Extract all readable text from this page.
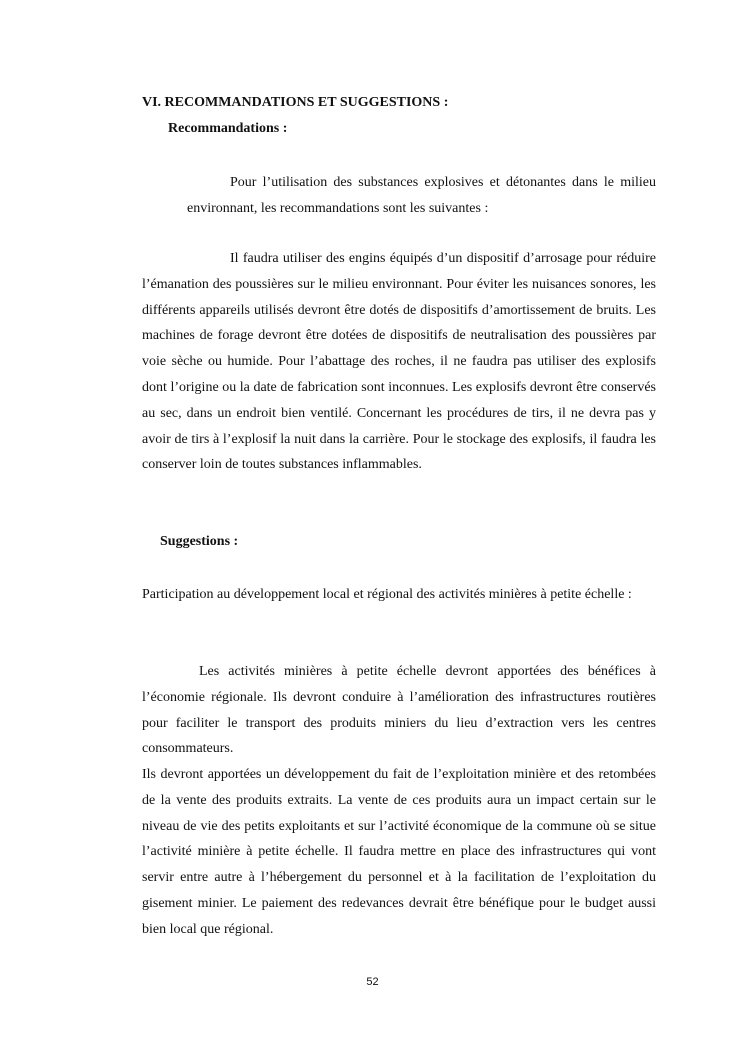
VI. RECOMMANDATIONS ET SUGGESTIONS :

Recommandations :

Pour l’utilisation des substances explosives et détonantes dans le milieu environnant, les recommandations sont les suivantes :

Il faudra utiliser des engins équipés d’un dispositif d’arrosage pour réduire l’émanation des poussières sur le milieu environnant. Pour éviter les nuisances sonores, les différents appareils utilisés devront être dotés de dispositifs d’amortissement de bruits. Les machines de forage devront être dotées de dispositifs de neutralisation des poussières par voie sèche ou humide. Pour l’abattage des roches, il ne faudra pas utiliser des explosifs dont l’origine ou la date de fabrication sont inconnues. Les explosifs devront être conservés au sec, dans un endroit bien ventilé. Concernant les procédures de tirs, il ne devra pas y avoir de tirs à l’explosif la nuit dans la carrière. Pour le stockage des explosifs, il faudra les conserver loin de toutes substances inflammables.

Suggestions :

Participation au développement local et régional des activités minières à petite échelle :

Les activités minières à petite échelle devront apportées des bénéfices à l’économie régionale. Ils devront conduire à l’amélioration des infrastructures routières pour faciliter le transport des produits miniers du lieu d’extraction vers les centres consommateurs.

Ils devront apportées un développement du fait de l’exploitation minière et des retombées de la vente des produits extraits. La vente de ces produits aura un impact certain sur le niveau de vie des petits exploitants et sur l’activité économique de la commune où se situe l’activité minière à petite échelle. Il faudra mettre en place des infrastructures qui vont servir entre autre à l’hébergement du personnel et à la facilitation de l’exploitation du gisement minier. Le paiement des redevances devrait être bénéfique pour le budget aussi bien local que régional.

52
